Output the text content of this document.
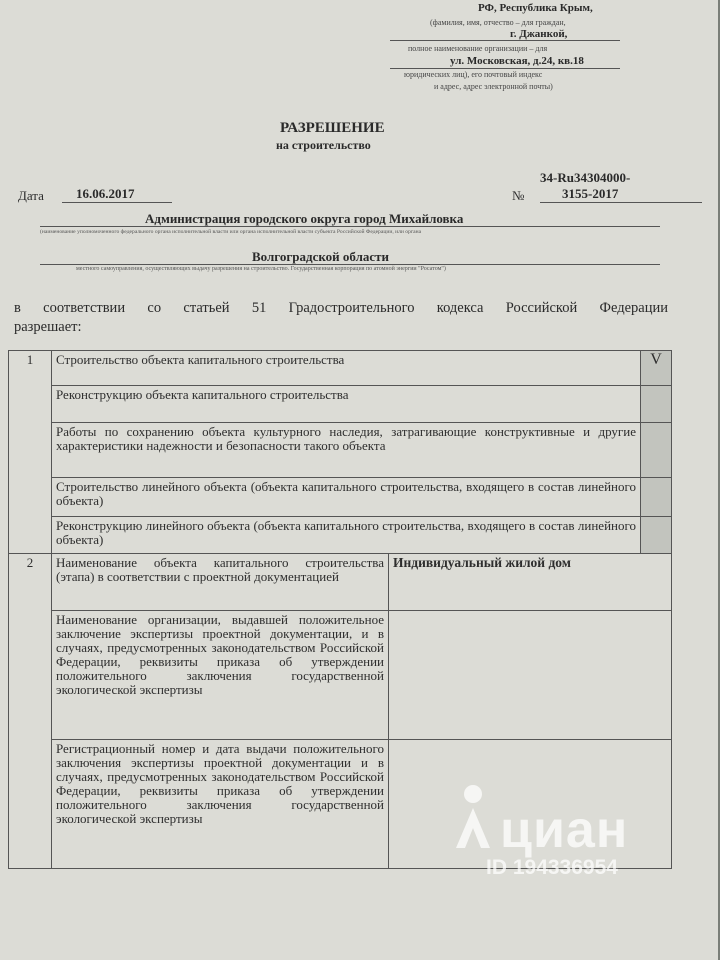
РФ, Республика Крым,
(фамилия, имя, отчество – для граждан,
г. Джанкой,
полное наименование организации – для
ул. Московская, д.24, кв.18
юридических лиц), его почтовый индекс
и адрес, адрес электронной почты)
РАЗРЕШЕНИЕ
на строительство
Дата	16.06.2017
34-Ru34304000-
№	3155-2017
Администрация городского округа город Михайловка
(наименование уполномоченного федерального органа исполнительной власти или органа исполнительной власти субъекта Российской Федерации, или органа
Волгоградской области
местного самоуправления, осуществляющих выдачу разрешения на строительство. Государственная корпорация по атомной энергии "Росатом")
в соответствии со статьей 51 Градостроительного кодекса Российской Федерации
разрешает:
1	Строительство объекта капитального строительства		V
	Реконструкцию объекта капитального строительства		
	Работы по сохранению объекта культурного наследия, затрагивающие конструктивные и другие характеристики надежности и безопасности такого объекта		
	Строительство линейного объекта (объекта капитального строительства, входящего в состав линейного объекта)		
	Реконструкцию линейного объекта (объекта капитального строительства, входящего в состав линейного объекта)		
2	Наименование объекта капитального строительства (этапа) в соответствии с проектной документацией	Индивидуальный жилой дом	
	Наименование организации, выдавшей положительное заключение экспертизы проектной документации, и в случаях, предусмотренных законодательством Российской Федерации, реквизиты приказа об утверждении положительного заключения государственной экологической экспертизы		
	Регистрационный номер и дата выдачи положительного заключения экспертизы проектной документации и в случаях, предусмотренных законодательством Российской Федерации, реквизиты приказа об утверждении положительного заключения государственной экологической экспертизы			циан
ID 194336954
